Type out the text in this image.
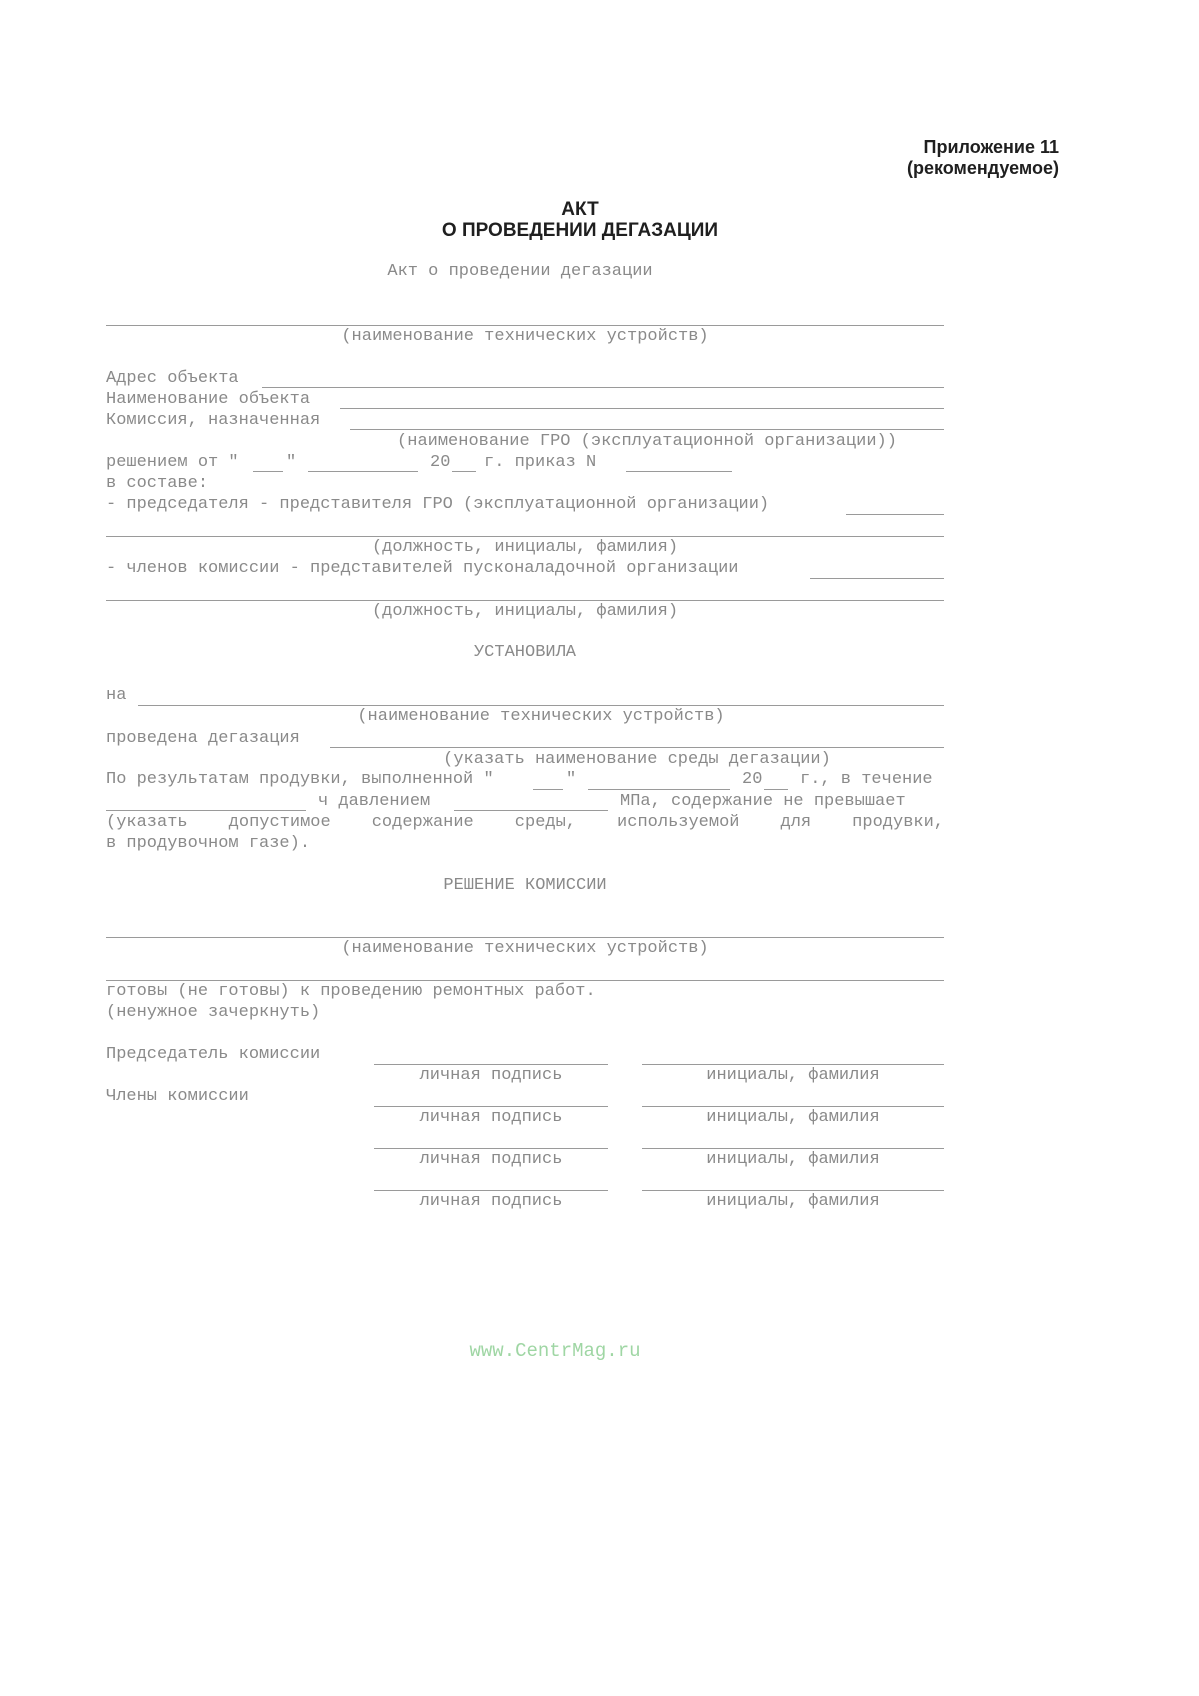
Приложение 11
(рекомендуемое)
АКТ
О ПРОВЕДЕНИИ ДЕГАЗАЦИИ
Акт о проведении дегазации
(наименование технических устройств)
Адрес объекта
Наименование объекта
Комиссия, назначенная
(наименование ГРО (эксплуатационной организации))
решением от "	"	20 г. приказ N
в составе:
- председателя - представителя ГРО (эксплуатационной организации)
(должность, инициалы, фамилия)
- членов комиссии - представителей пусконаладочной организации
(должность, инициалы, фамилия)
УСТАНОВИЛА
на
(наименование технических устройств)
проведена дегазация
(указать наименование среды дегазации)
По результатам продувки, выполненной "	"	20 г., в течение
ч давлением	МПа, содержание не превышает
(указать допустимое содержание среды, используемой для продувки,
в продувочном газе).
РЕШЕНИЕ КОМИССИИ
(наименование технических устройств)
готовы (не готовы) к проведению ремонтных работ.
(ненужное зачеркнуть)
Председатель комиссии
личная подпись	инициалы, фамилия
Члены комиссии
личная подпись	инициалы, фамилия
личная подпись	инициалы, фамилия
личная подпись	инициалы, фамилия
www.CentrMag.ru
